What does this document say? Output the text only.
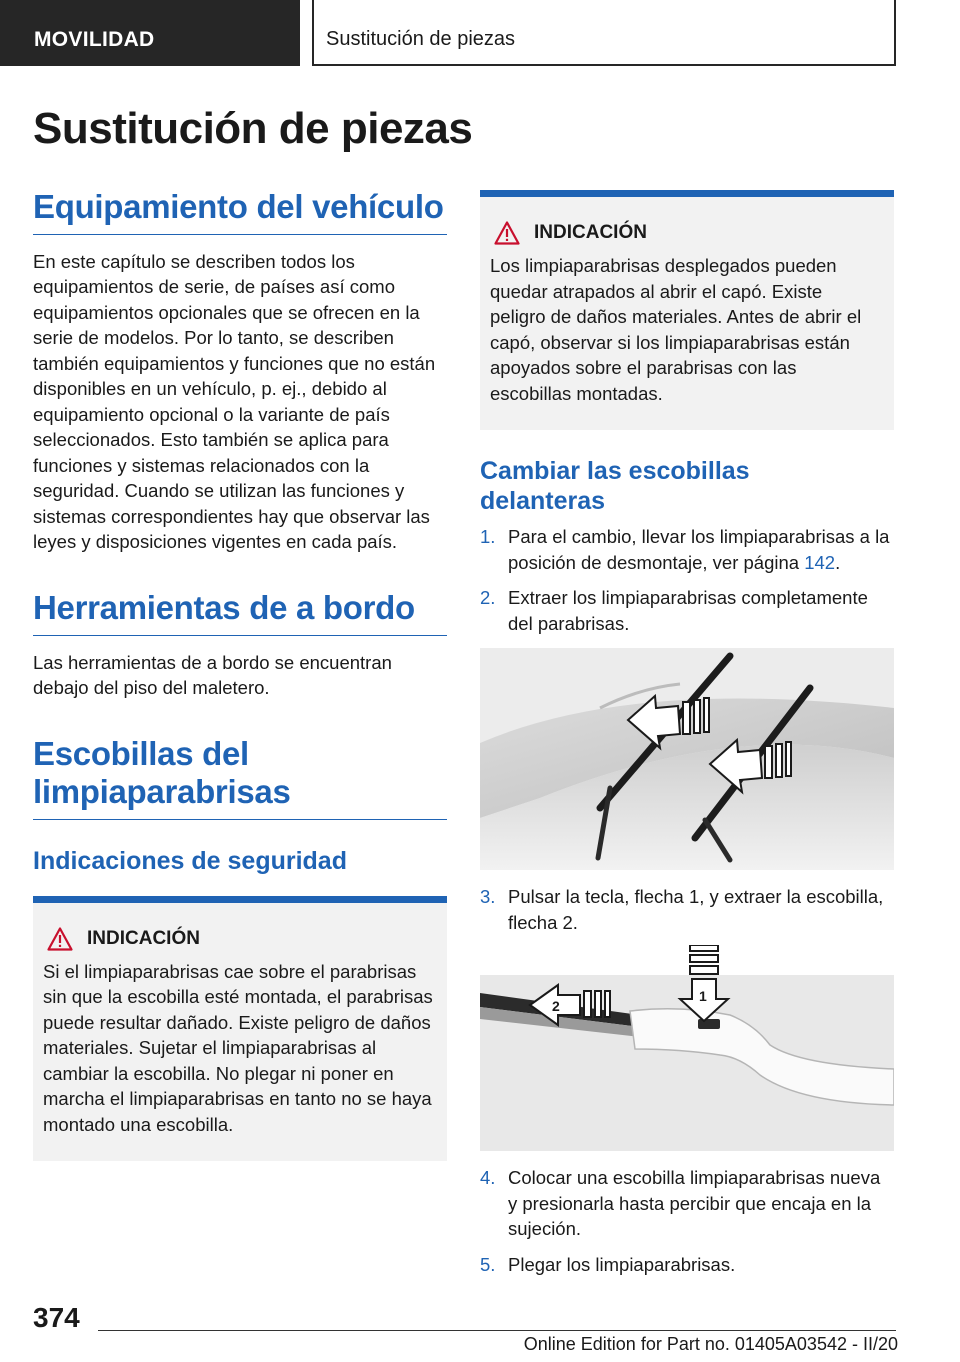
MOVILIDAD	Sustitución de piezas
Sustitución de piezas
Equipamiento del vehículo

En este capítulo se describen todos los equipamientos de serie, de países así como equipamientos opcionales que se ofrecen en la serie de modelos. Por lo tanto, se describen también equipamientos y funciones que no están disponibles en un vehículo, p. ej., debido al equipamiento opcional o la variante de país seleccionados. Esto también se aplica para funciones y sistemas relacionados con la seguridad. Cuando se utilizan las funciones y sistemas correspondientes hay que observar las leyes y disposiciones vigentes en cada país.

Herramientas de a bordo

Las herramientas de a bordo se encuentran debajo del piso del maletero.

Escobillas del
limpiaparabrisas
Indicaciones de seguridad
INDICACIÓN
Si el limpiaparabrisas cae sobre el parabrisas sin que la escobilla esté montada, el parabrisas puede resultar dañado. Existe peligro de daños materiales. Sujetar el limpiaparabrisas al cambiar la escobilla. No plegar ni poner en marcha el limpiaparabrisas en tanto no se haya montado una escobilla.
INDICACIÓN
Los limpiaparabrisas desplegados pueden quedar atrapados al abrir el capó. Existe peligro de daños materiales. Antes de abrir el capó, observar si los limpiaparabrisas están apoyados sobre el parabrisas con las escobillas montadas.
Cambiar las escobillas
delanteras
1. Para el cambio, llevar los limpiaparabrisas a la posición de desmontaje, ver página 142.
2. Extraer los limpiaparabrisas completamente del parabrisas.
3. Pulsar la tecla, flecha 1, y extraer la escobilla, flecha 2.
2
1
4. Colocar una escobilla limpiaparabrisas nueva y presionarla hasta percibir que encaja en la sujeción.
5. Plegar los limpiaparabrisas.
374
Online Edition for Part no. 01405A03542 - II/20
